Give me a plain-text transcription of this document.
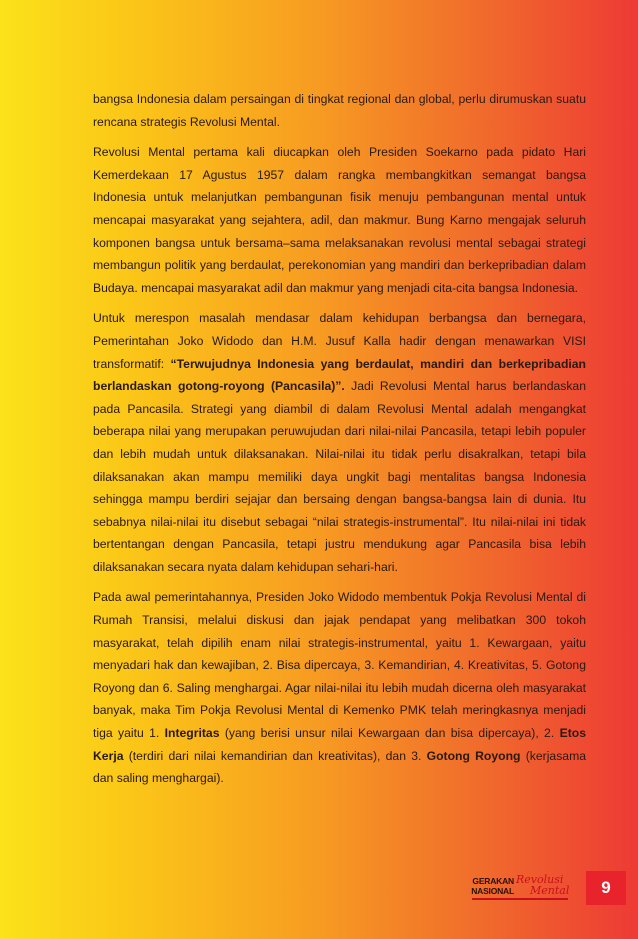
bangsa Indonesia dalam persaingan di tingkat regional dan global, perlu dirumuskan suatu rencana strategis Revolusi Mental.

Revolusi Mental pertama kali diucapkan oleh Presiden Soekarno pada pidato Hari Kemerdekaan 17 Agustus 1957 dalam rangka membangkitkan semangat bangsa Indonesia untuk melanjutkan pembangunan fisik menuju pembangunan mental untuk mencapai masyarakat yang sejahtera, adil, dan makmur. Bung Karno mengajak seluruh komponen bangsa untuk bersama–sama melaksanakan revolusi mental sebagai strategi membangun politik yang berdaulat, perekonomian yang mandiri dan berkepribadian dalam Budaya. mencapai masyarakat adil dan makmur yang menjadi cita-cita bangsa Indonesia.

Untuk merespon masalah mendasar dalam kehidupan berbangsa dan bernegara, Pemerintahan Joko Widodo dan H.M. Jusuf Kalla hadir dengan menawarkan VISI transformatif: “Terwujudnya Indonesia yang berdaulat, mandiri dan berkepribadian berlandaskan gotong-royong (Pancasila)”. Jadi Revolusi Mental harus berlandaskan pada Pancasila. Strategi yang diambil di dalam Revolusi Mental adalah mengangkat beberapa nilai yang merupakan peruwujudan dari nilai-nilai Pancasila, tetapi lebih populer dan lebih mudah untuk dilaksanakan. Nilai-nilai itu tidak perlu disakralkan, tetapi bila dilaksanakan akan mampu memiliki daya ungkit bagi mentalitas bangsa Indonesia sehingga mampu berdiri sejajar dan bersaing dengan bangsa-bangsa lain di dunia. Itu sebabnya nilai-nilai itu disebut sebagai “nilai strategis-instrumental”. Itu nilai-nilai ini tidak bertentangan dengan Pancasila, tetapi justru mendukung agar Pancasila bisa lebih dilaksanakan secara nyata dalam kehidupan sehari-hari.

Pada awal pemerintahannya, Presiden Joko Widodo membentuk Pokja Revolusi Mental di Rumah Transisi, melalui diskusi dan jajak pendapat yang melibatkan 300 tokoh masyarakat, telah dipilih enam nilai strategis-instrumental, yaitu 1. Kewargaan, yaitu menyadari hak dan kewajiban, 2. Bisa dipercaya, 3. Kemandirian, 4. Kreativitas, 5. Gotong Royong dan 6. Saling menghargai. Agar nilai-nilai itu lebih mudah dicerna oleh masyarakat banyak, maka Tim Pokja Revolusi Mental di Kemenko PMK telah meringkasnya menjadi tiga yaitu 1. Integritas (yang berisi unsur nilai Kewargaan dan bisa dipercaya), 2. Etos Kerja (terdiri dari nilai kemandirian dan kreativitas), dan 3. Gotong Royong (kerjasama dan saling menghargai).

GERAKAN
NASIONAL
Revolusi
Mental	9
